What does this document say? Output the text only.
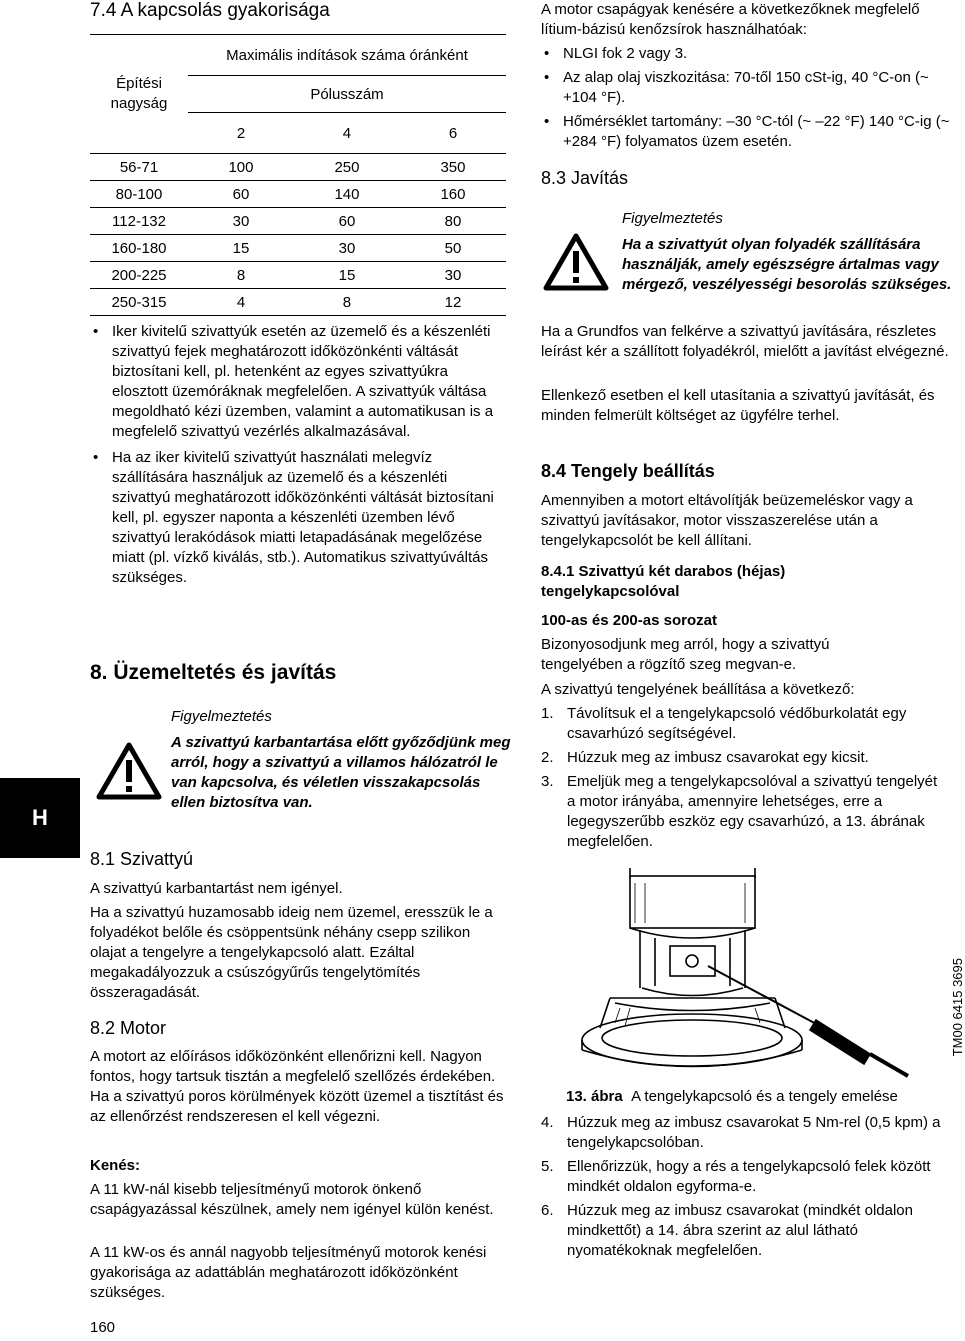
7.4 A kapcsolás gyakorisága
Építési nagyság	Maximális indítások száma óránként		
	Pólusszám		
	2	4	6
56-71	100	250	350
80-100	60	140	160
112-132	30	60	80
160-180	15	30	50
200-225	8	15	30
250-315	4	8	12
• Iker kivitelű szivattyúk esetén az üzemelő és a készenléti szivattyú fejek meghatározott időközönkénti váltását biztosítani kell, pl. hetenként az egyes szivattyúkra elosztott üzemóráknak megfelelően. A szivattyúk váltása megoldható kézi üzemben, valamint a automatikusan is a megfelelő szivattyú vezérlés alkalmazásával.
• Ha az iker kivitelű szivattyút használati melegvíz szállítására használjuk az üzemelő és a készenléti szivattyú meghatározott időközönkénti váltását biztosítani kell, pl. egyszer naponta a készenléti üzemben lévő szivattyú lerakódások miatti letapadásának megelőzése miatt (pl. vízkő kiválás, stb.). Automatikus szivattyúváltás szükséges.
8. Üzemeltetés és javítás
Figyelmeztetés
A szivattyú karbantartása előtt győződjünk meg arról, hogy a szivattyú a villamos hálózatról le van kapcsolva, és véletlen visszakapcsolás ellen biztosítva van.
8.1 Szivattyú

A szivattyú karbantartást nem igényel.

Ha a szivattyú huzamosabb ideig nem üzemel, eresszük le a folyadékot belőle és csöppentsünk néhány csepp szilikon olajat a tengelyre a tengelykapcsoló alatt. Ezáltal megakadályozzuk a csúszógyűrűs tengelytömítés összeragadását.

8.2 Motor

A motort az előírásos időközönként ellenőrizni kell. Nagyon fontos, hogy tartsuk tisztán a megfelelő szellőzés érdekében. Ha a szivattyú poros körülmények között üzemel a tisztítást és az ellenőrzést rendszeresen el kell végezni.

Kenés:

A 11 kW-nál kisebb teljesítményű motorok önkenő csapágyazással készülnek, amely nem igényel külön kenést.

A 11 kW-os és annál nagyobb teljesítményű motorok kenési gyakorisága az adattáblán meghatározott időközönként szükséges.

160
H

A motor csapágyak kenésére a következőknek megfelelő lítium-bázisú kenőzsírok használhatóak:

• NLGI fok 2 vagy 3.
• Az alap olaj viszkozitása: 70-től 150 cSt-ig, 40 °C-on (~ +104 °F).
• Hőmérséklet tartomány: –30 °C-tól (~ –22 °F) 140 °C-ig (~ +284 °F) folyamatos üzem esetén.
8.3 Javítás
Figyelmeztetés
Ha a szivattyút olyan folyadék szállítására használják, amely egészségre ártalmas vagy mérgező, veszélyességi besorolás szükséges.

Ha a Grundfos van felkérve a szivattyú javítására, részletes leírást kér a szállított folyadékról, mielőtt a javítást elvégezné.

Ellenkező esetben el kell utasítania a szivattyú javítását, és minden felmerült költséget az ügyfélre terhel.

8.4 Tengely beállítás

Amennyiben a motort eltávolítják beüzemeléskor vagy a szivattyú javításakor, motor visszaszerelése után a tengelykapcsolót be kell állítani.

8.4.1 Szivattyú két darabos (héjas) tengelykapcsolóval
100-as és 200-as sorozat

Bizonyosodjunk meg arról, hogy a szivattyú tengelyében a rögzítő szeg megvan-e.

A szivattyú tengelyének beállítása a következő:

1. Távolítsuk el a tengelykapcsoló védőburkolatát egy csavarhúzó segítségével.
2. Húzzuk meg az imbusz csavarokat egy kicsit.
3. Emeljük meg a tengelykapcsolóval a szivattyú tengelyét a motor irányába, amennyire lehetséges, erre a legegyszerűbb eszköz egy csavarhúzó, a 13. ábrának megfelelően.
TM00 6415 3695
13. ábra A tengelykapcsoló és a tengely emelése
4. Húzzuk meg az imbusz csavarokat 5 Nm-rel (0,5 kpm) a tengelykapcsolóban.
5. Ellenőrizzük, hogy a rés a tengelykapcsoló felek között mindkét oldalon egyforma-e.
6. Húzzuk meg az imbusz csavarokat (mindkét oldalon mindkettőt) a 14. ábra szerint az alul látható nyomatékoknak megfelelően.
